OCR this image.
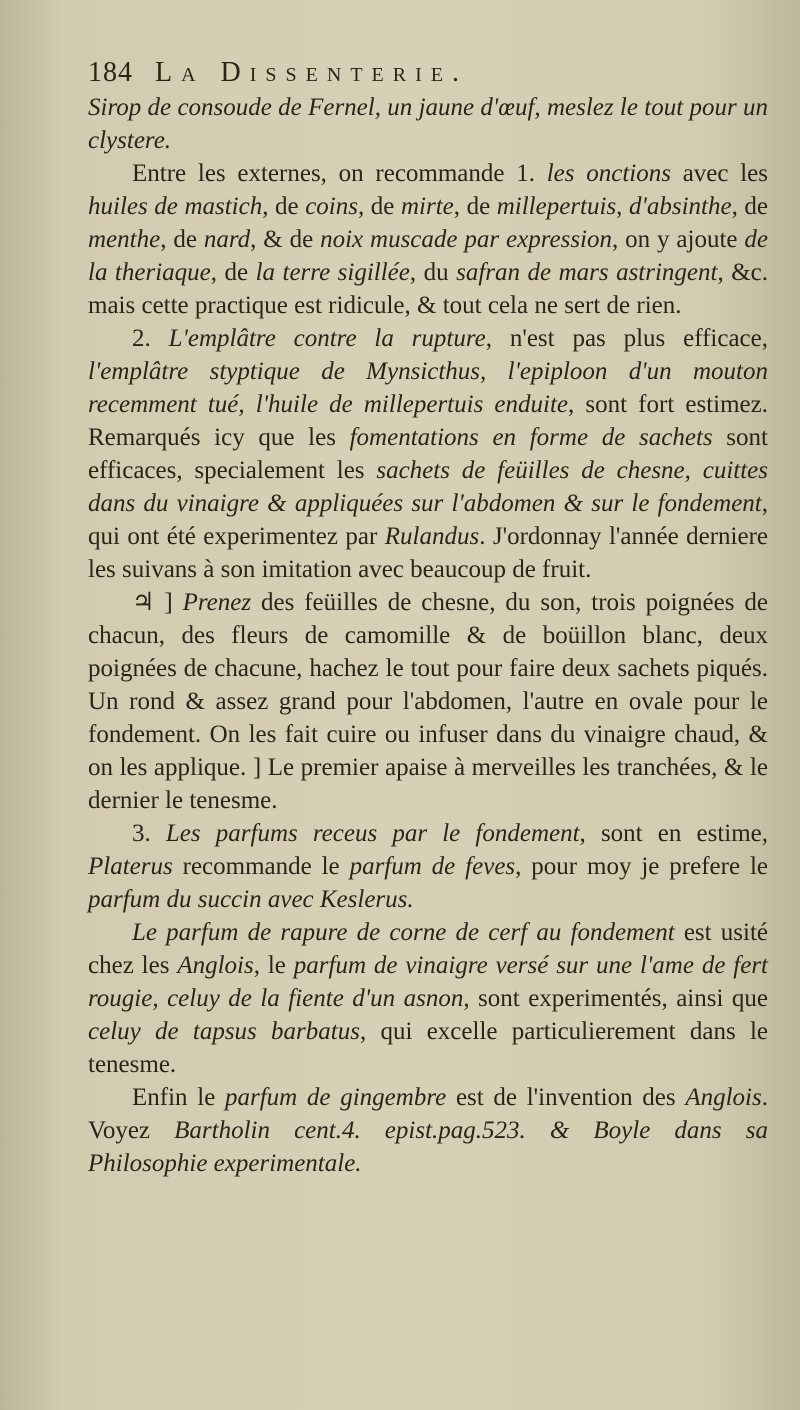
184 La Dissenterie.

Sirop de consoude de Fernel, un jaune d'œuf, meslez le tout pour un clystere.

Entre les externes, on recommande 1. les onctions avec les huiles de mastich, de coins, de mirte, de millepertuis, d'absinthe, de menthe, de nard, & de noix muscade par expression, on y ajoute de la theriaque, de la terre sigillée, du safran de mars astringent, &c. mais cette practique est ridicule, & tout cela ne sert de rien.

2. L'emplâtre contre la rupture, n'est pas plus efficace, l'emplâtre styptique de Mynsicthus, l'epiploon d'un mouton recemment tué, l'huile de millepertuis enduite, sont fort estimez. Remarqués icy que les fomentations en forme de sachets sont efficaces, specialement les sachets de feüilles de chesne, cuittes dans du vinaigre & appliquées sur l'abdomen & sur le fondement, qui ont été experimentez par Rulandus. J'ordonnay l'année derniere les suivans à son imitation avec beaucoup de fruit.

♃ ] Prenez des feüilles de chesne, du son, trois poignées de chacun, des fleurs de camomille & de boüillon blanc, deux poignées de chacune, hachez le tout pour faire deux sachets piqués. Un rond & assez grand pour l'abdomen, l'autre en ovale pour le fondement. On les fait cuire ou infuser dans du vinaigre chaud, & on les applique. ] Le premier apaise à merveilles les tranchées, & le dernier le tenesme.

3. Les parfums receus par le fondement, sont en estime, Platerus recommande le parfum de feves, pour moy je prefere le parfum du succin avec Keslerus.

Le parfum de rapure de corne de cerf au fondement est usité chez les Anglois, le parfum de vinaigre versé sur une l'ame de fert rougie, celuy de la fiente d'un asnon, sont experimentés, ainsi que celuy de tapsus barbatus, qui excelle particulierement dans le tenesme.

Enfin le parfum de gingembre est de l'invention des Anglois. Voyez Bartholin cent.4. epist.pag.523. & Boyle dans sa Philosophie experimentale.
